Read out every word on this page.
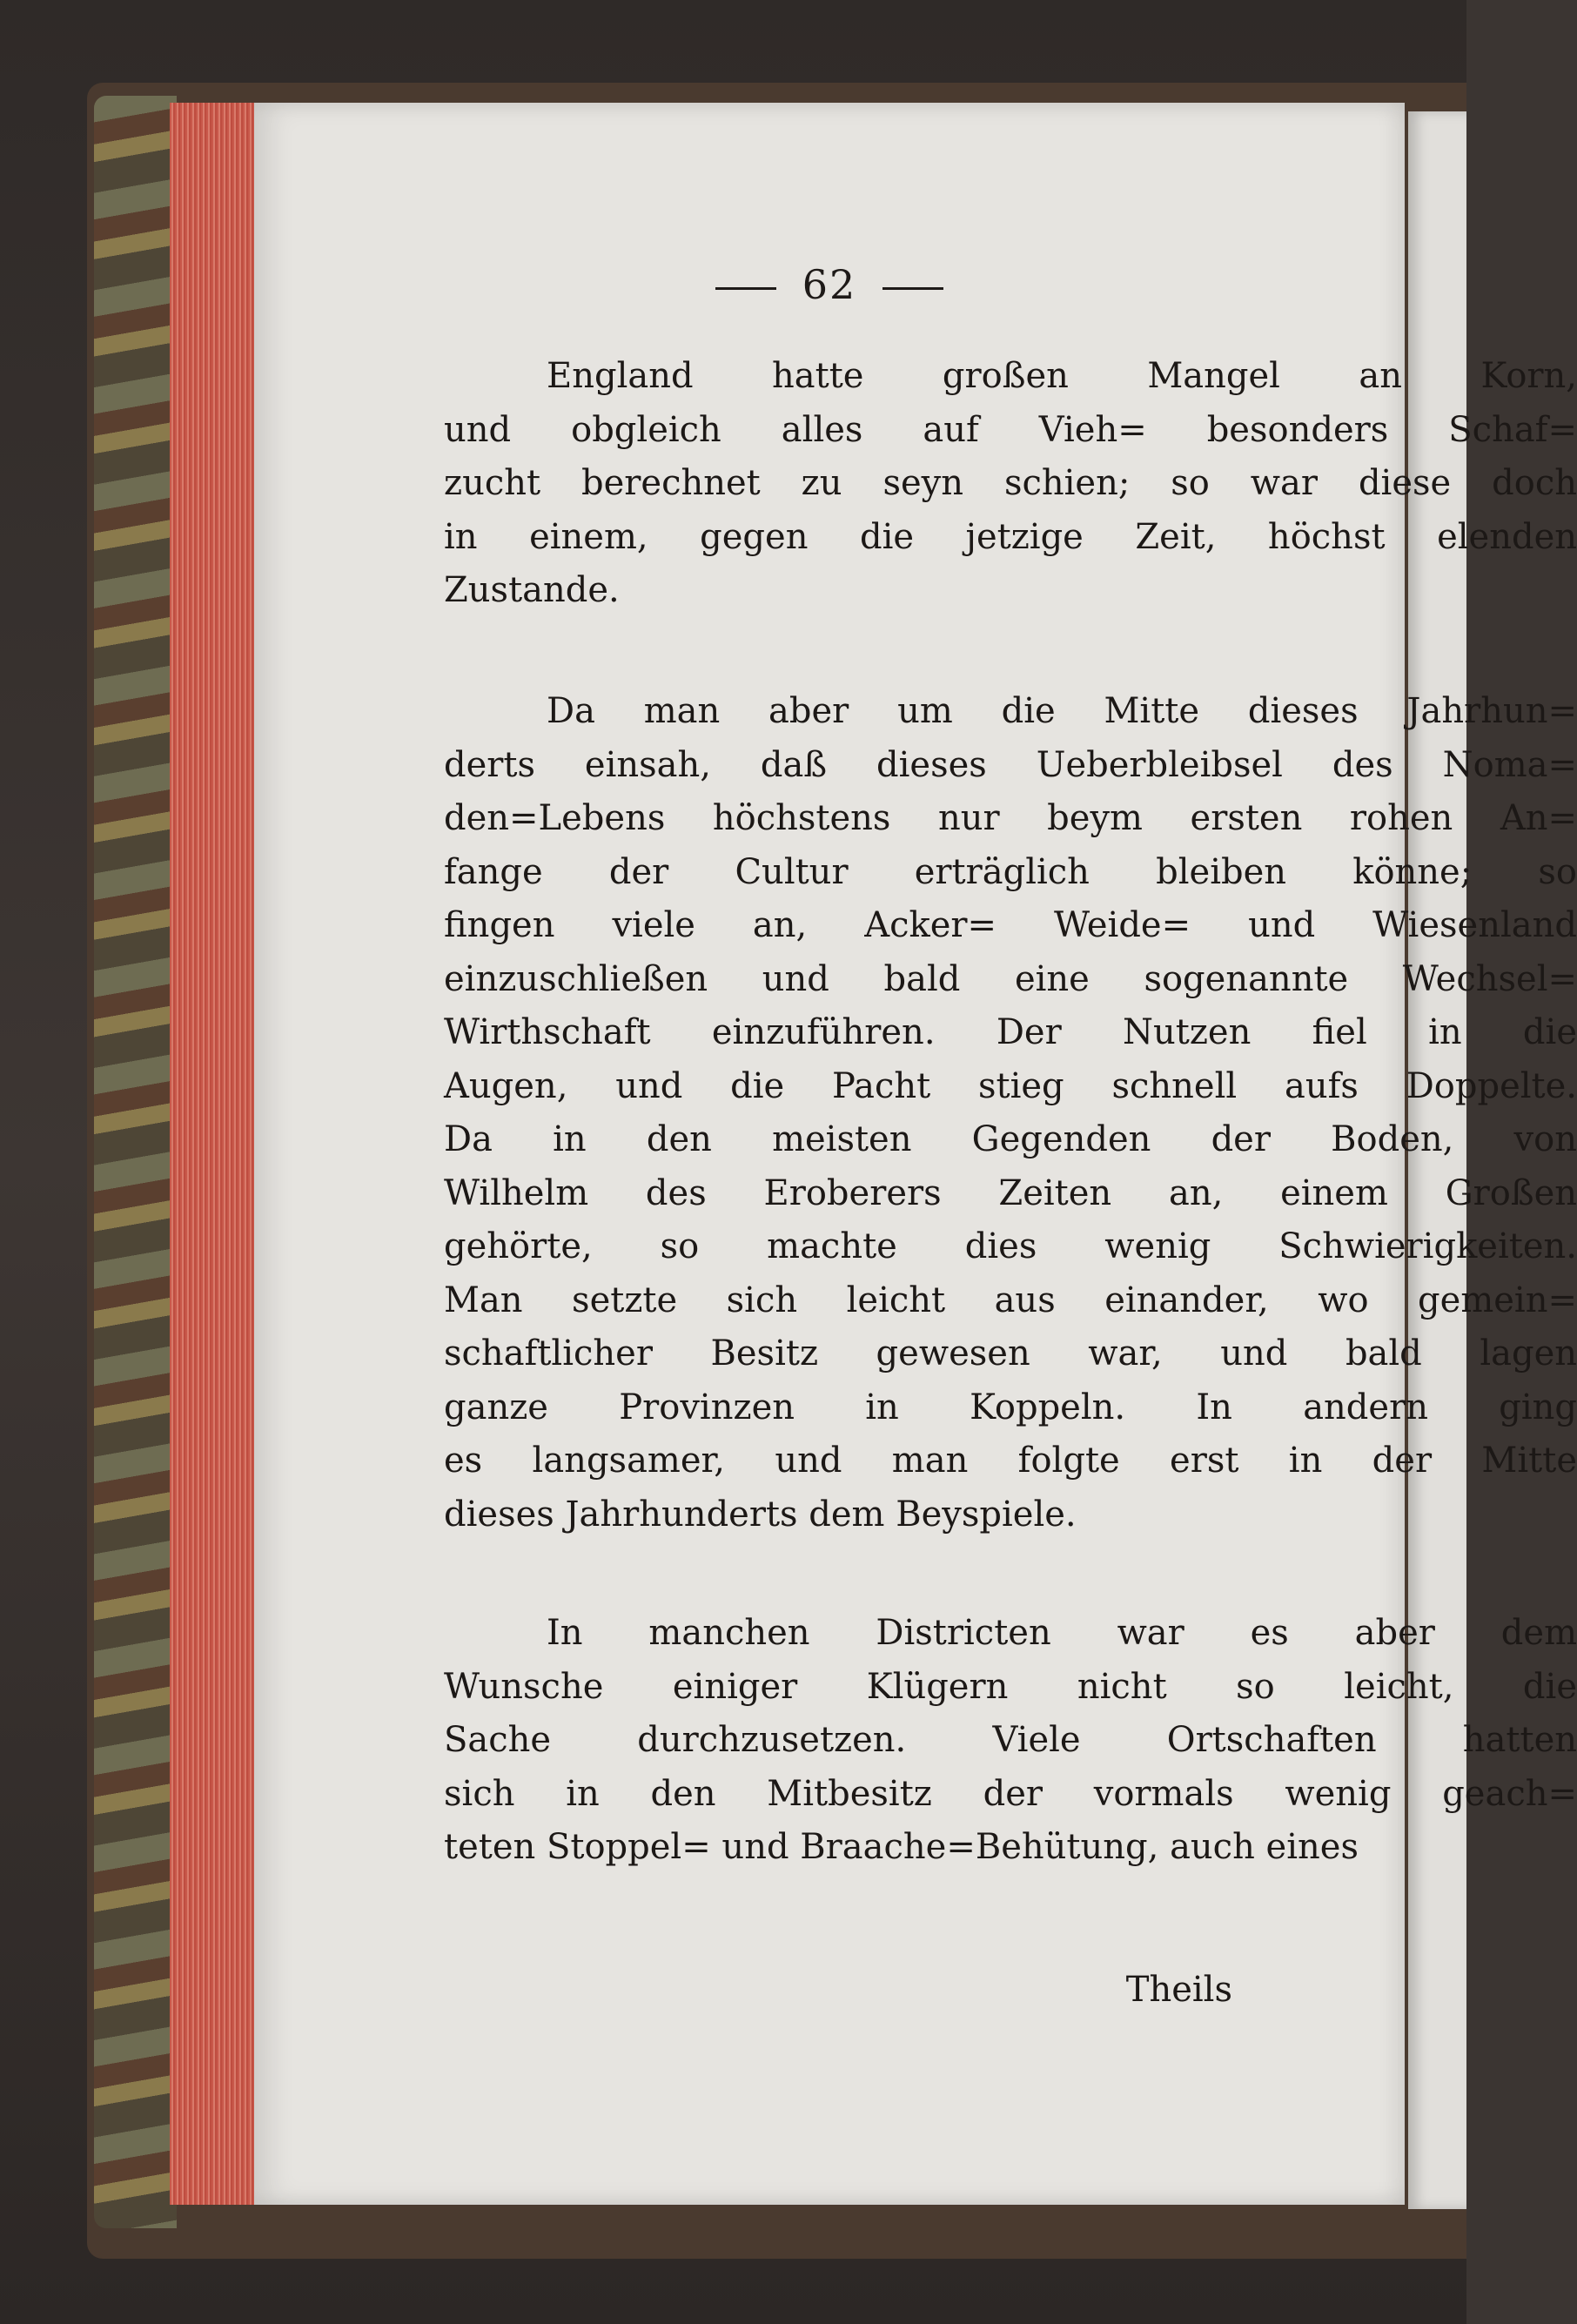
62
England hatte großen Mangel an Korn,
und obgleich alles auf Vieh= besonders Schaf=
zucht berechnet zu seyn schien; so war diese doch
in einem, gegen die jetzige Zeit, höchst elenden
Zustande.
Da man aber um die Mitte dieses Jahrhun=
derts einsah, daß dieses Ueberbleibsel des Noma=
den=Lebens höchstens nur beym ersten rohen An=
fange der Cultur erträglich bleiben könne; so
fingen viele an, Acker= Weide= und Wiesenland
einzuschließen und bald eine sogenannte Wechsel=
Wirthschaft einzuführen. Der Nutzen fiel in die
Augen, und die Pacht stieg schnell aufs Doppelte.
Da in den meisten Gegenden der Boden, von
Wilhelm des Eroberers Zeiten an, einem Großen
gehörte, so machte dies wenig Schwierigkeiten.
Man setzte sich leicht aus einander, wo gemein=
schaftlicher Besitz gewesen war, und bald lagen
ganze Provinzen in Koppeln. In andern ging
es langsamer, und man folgte erst in der Mitte
dieses Jahrhunderts dem Beyspiele.
In manchen Districten war es aber dem
Wunsche einiger Klügern nicht so leicht, die
Sache durchzusetzen. Viele Ortschaften hatten
sich in den Mitbesitz der vormals wenig geach=
teten Stoppel= und Braache=Behütung, auch eines
Theils
